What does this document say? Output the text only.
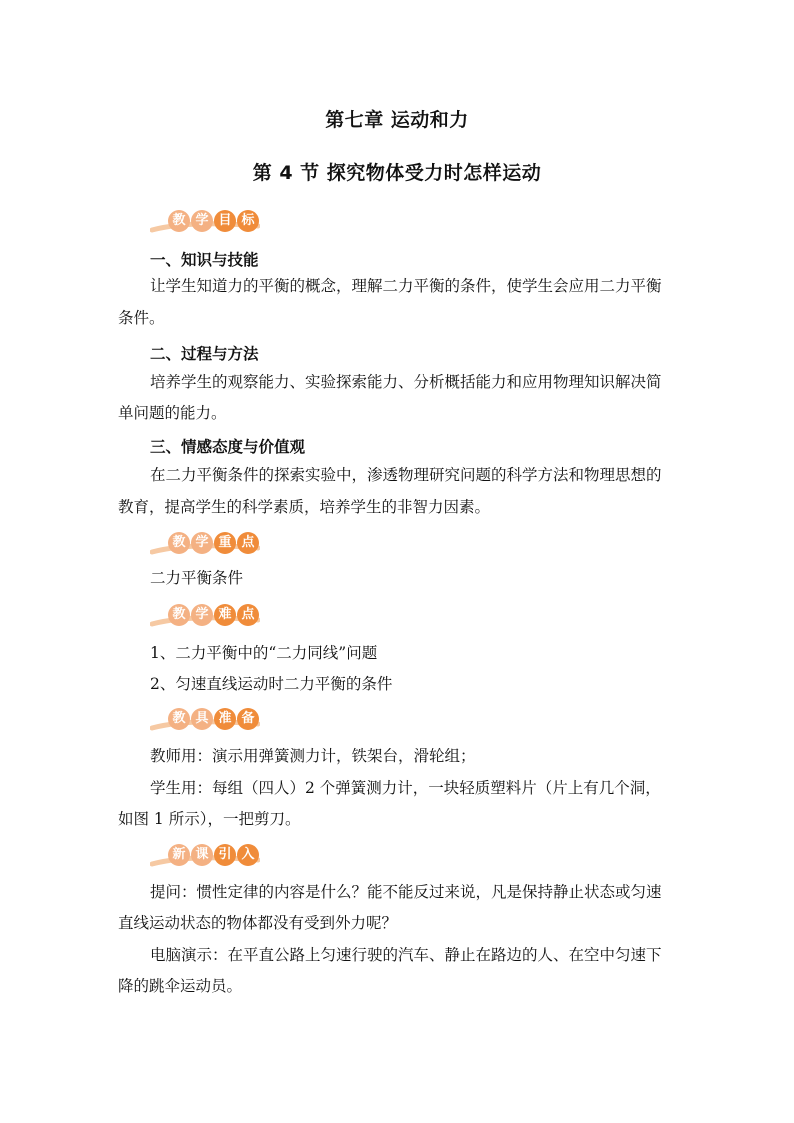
第七章 运动和力
第 4 节 探究物体受力时怎样运动
教 学 目 标
一、知识与技能
让学生知道力的平衡的概念，理解二力平衡的条件，使学生会应用二力平衡
条件。
二、过程与方法
培养学生的观察能力、实验探索能力、分析概括能力和应用物理知识解决简
单问题的能力。
三、情感态度与价值观
在二力平衡条件的探索实验中，渗透物理研究问题的科学方法和物理思想的
教育，提高学生的科学素质，培养学生的非智力因素。
教 学 重 点
二力平衡条件
教 学 难 点
1、二力平衡中的“二力同线”问题
2、匀速直线运动时二力平衡的条件
教 具 准 备
教师用：演示用弹簧测力计，铁架台，滑轮组；
学生用：每组（四人）2 个弹簧测力计，一块轻质塑料片（片上有几个洞，
如图 1 所示），一把剪刀。
新 课 引 入
提问：惯性定律的内容是什么？能不能反过来说，凡是保持静止状态或匀速
直线运动状态的物体都没有受到外力呢？
电脑演示：在平直公路上匀速行驶的汽车、静止在路边的人、在空中匀速下
降的跳伞运动员。
